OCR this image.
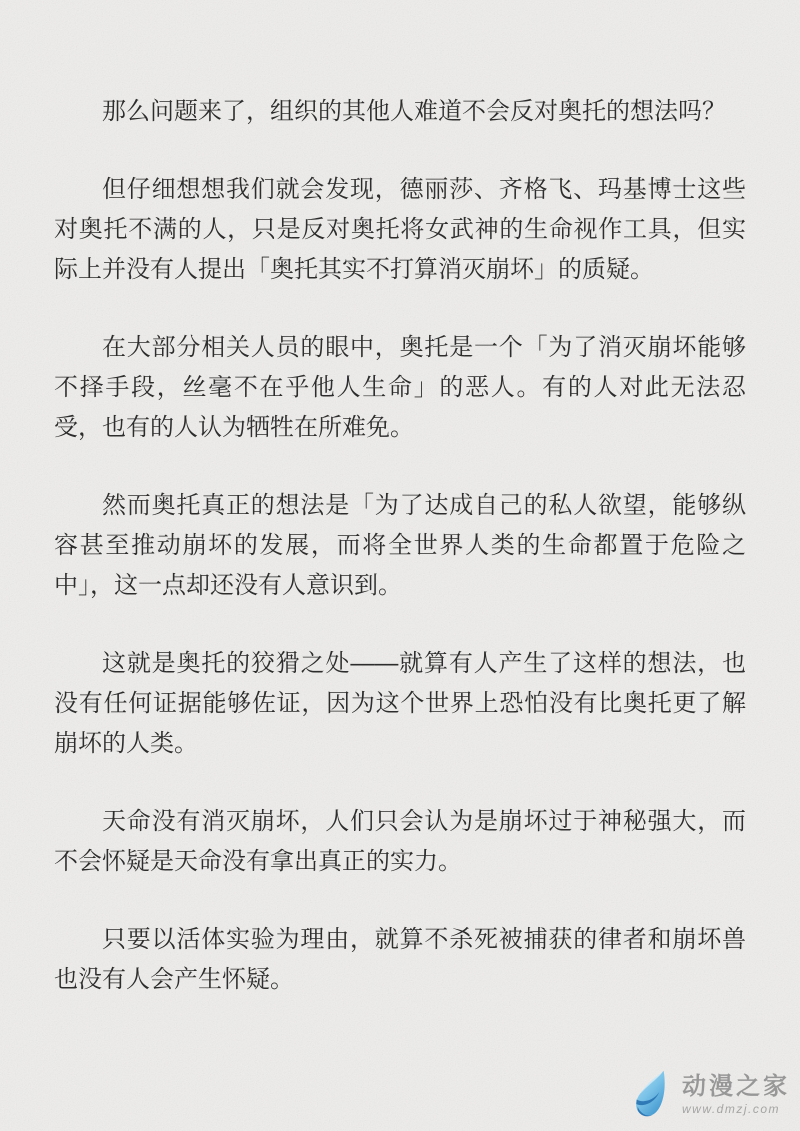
那么问题来了，组织的其他人难道不会反对奥托的想法吗？

但仔细想想我们就会发现，德丽莎、齐格飞、玛基博士这些对奥托不满的人，只是反对奥托将女武神的生命视作工具，但实际上并没有人提出「奥托其实不打算消灭崩坏」的质疑。

在大部分相关人员的眼中，奥托是一个「为了消灭崩坏能够不择手段，丝毫不在乎他人生命」的恶人。有的人对此无法忍受，也有的人认为牺牲在所难免。

然而奥托真正的想法是「为了达成自己的私人欲望，能够纵容甚至推动崩坏的发展，而将全世界人类的生命都置于危险之中」，这一点却还没有人意识到。

这就是奥托的狡猾之处——就算有人产生了这样的想法，也没有任何证据能够佐证，因为这个世界上恐怕没有比奥托更了解崩坏的人类。

天命没有消灭崩坏，人们只会认为是崩坏过于神秘强大，而不会怀疑是天命没有拿出真正的实力。

只要以活体实验为理由，就算不杀死被捕获的律者和崩坏兽也没有人会产生怀疑。

动漫之家
www.dmzj.com
